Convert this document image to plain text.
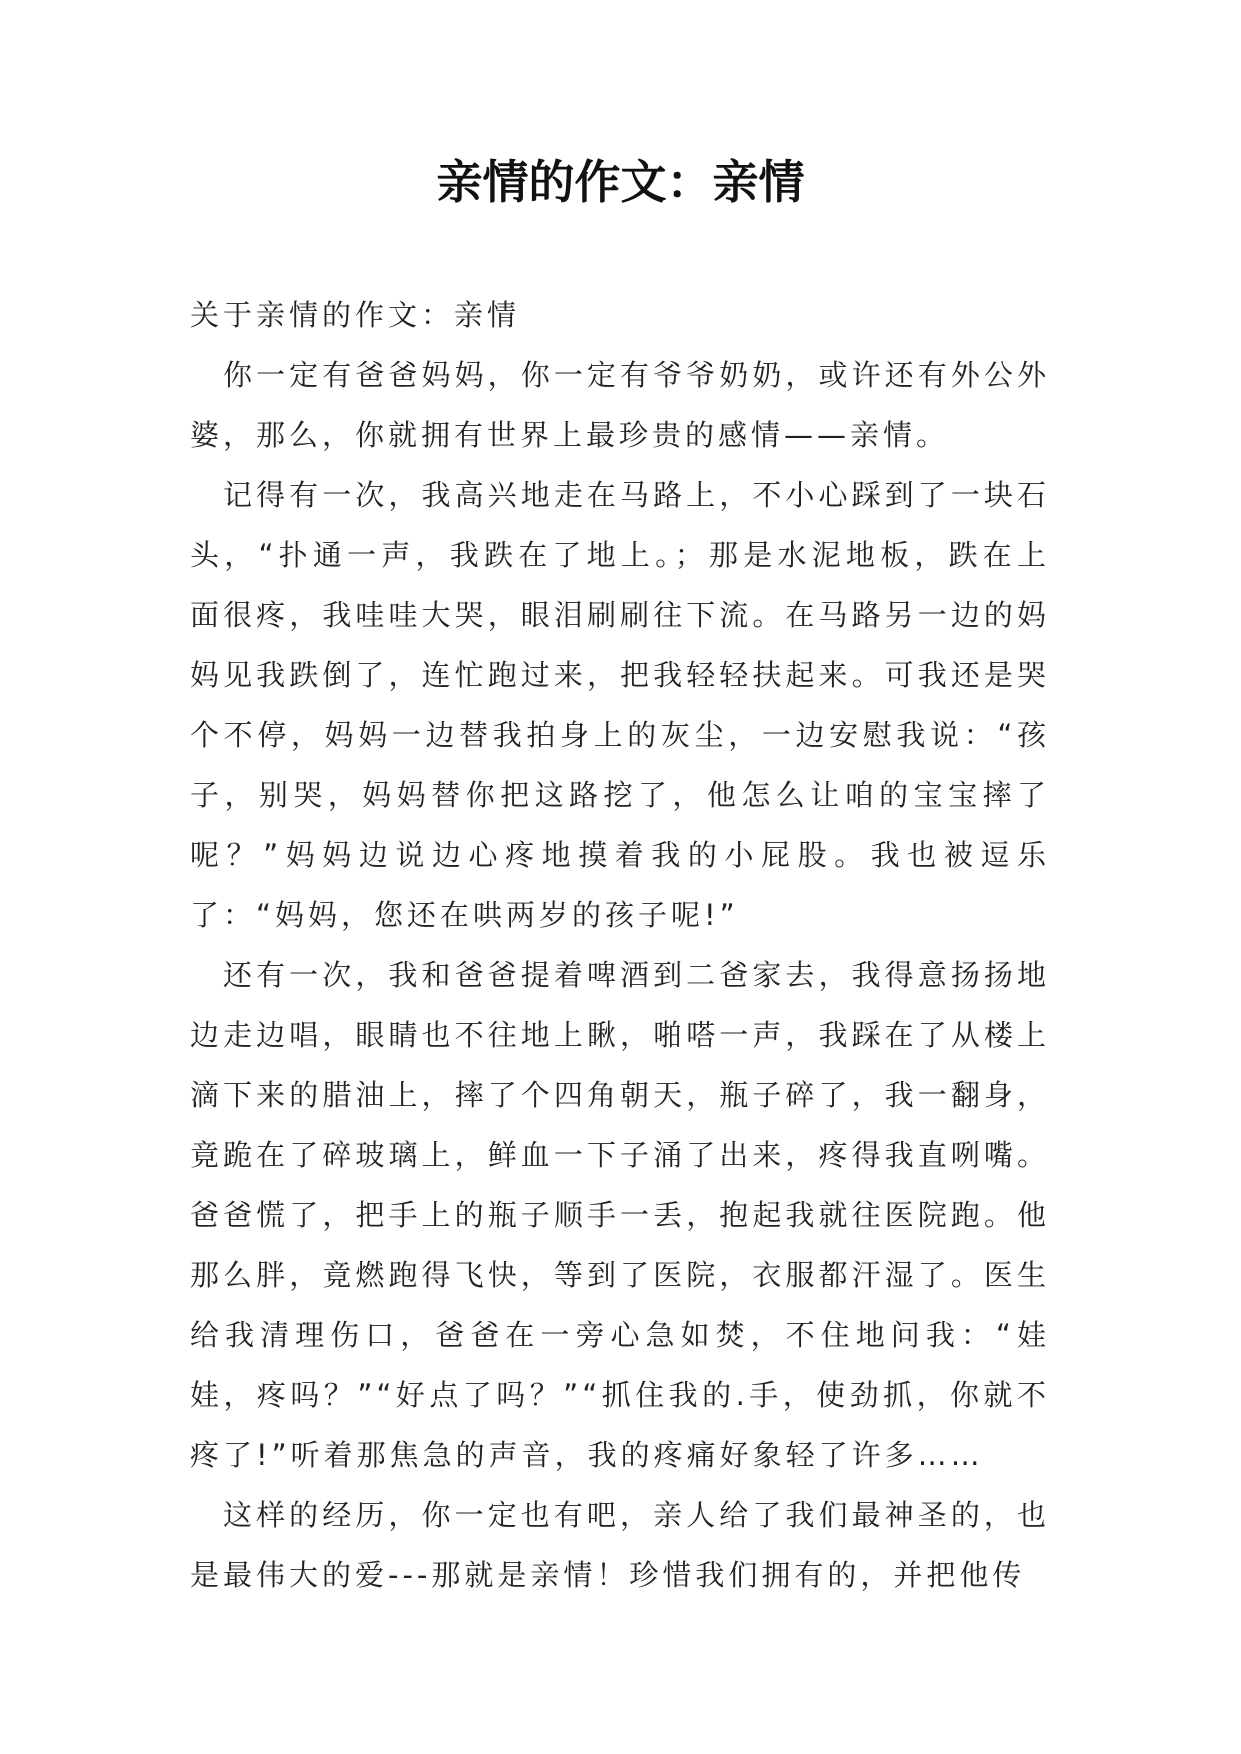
亲情的作文：亲情

关于亲情的作文：亲情

你一定有爸爸妈妈，你一定有爷爷奶奶，或许还有外公外婆，那么，你就拥有世界上最珍贵的感情——亲情。

记得有一次，我高兴地走在马路上，不小心踩到了一块石头，“扑通一声，我跌在了地上。；那是水泥地板，跌在上面很疼，我哇哇大哭，眼泪刷刷往下流。在马路另一边的妈妈见我跌倒了，连忙跑过来，把我轻轻扶起来。可我还是哭个不停，妈妈一边替我拍身上的灰尘，一边安慰我说：“孩子，别哭，妈妈替你把这路挖了，他怎么让咱的宝宝摔了呢？”妈妈边说边心疼地摸着我的小屁股。我也被逗乐了：“妈妈，您还在哄两岁的孩子呢!”

还有一次，我和爸爸提着啤酒到二爸家去，我得意扬扬地边走边唱，眼睛也不往地上瞅，啪嗒一声，我踩在了从楼上滴下来的腊油上，摔了个四角朝天，瓶子碎了，我一翻身，竟跪在了碎玻璃上，鲜血一下子涌了出来，疼得我直咧嘴。爸爸慌了，把手上的瓶子顺手一丢，抱起我就往医院跑。他那么胖，竟燃跑得飞快，等到了医院，衣服都汗湿了。医生给我清理伤口，爸爸在一旁心急如焚，不住地问我：“娃娃，疼吗？”“好点了吗？”“抓住我的.手，使劲抓，你就不疼了!”听着那焦急的声音，我的疼痛好象轻了许多……

这样的经历，你一定也有吧，亲人给了我们最神圣的，也是最伟大的爱---那就是亲情！珍惜我们拥有的，并把他传
